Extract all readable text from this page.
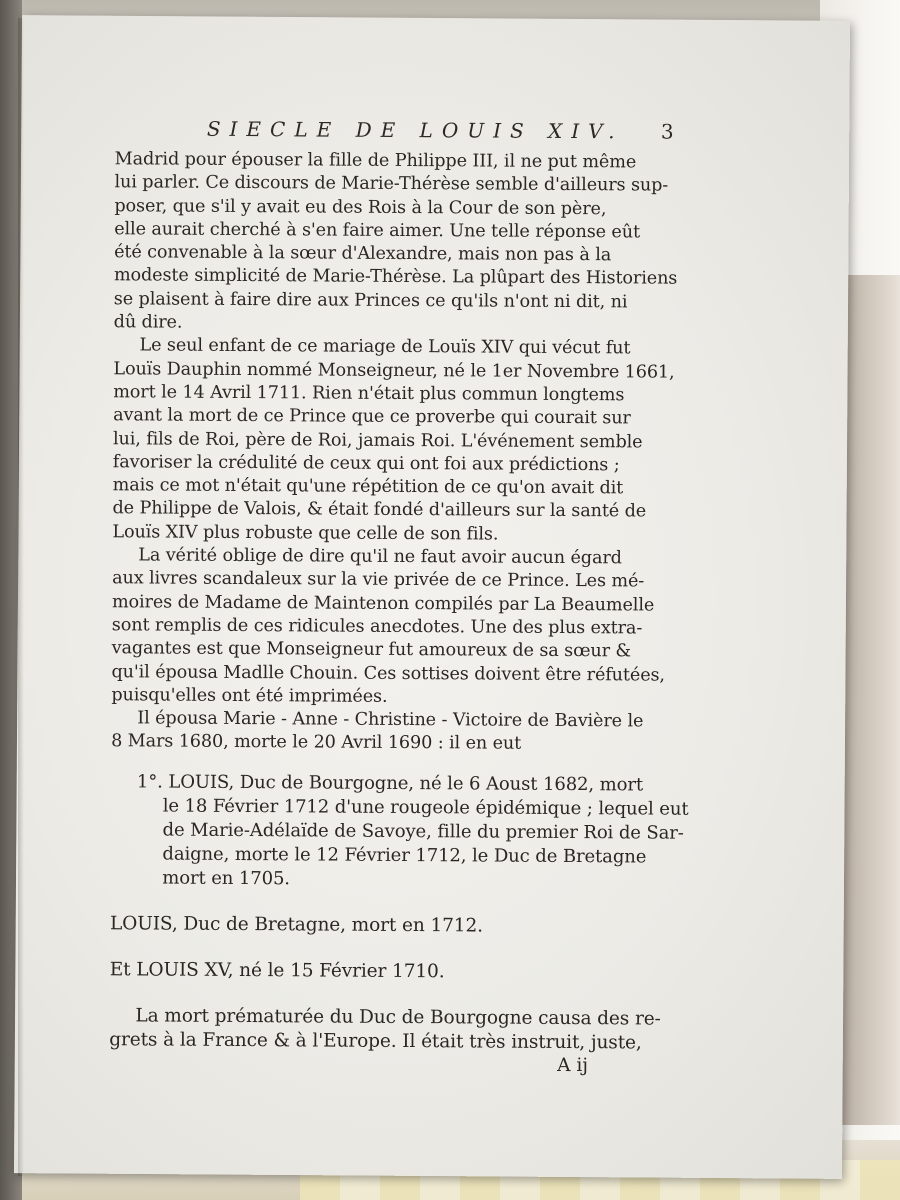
SIECLE DE LOUIS XIV. 3

Madrid pour épouser la fille de Philippe III, il ne put même
lui parler. Ce discours de Marie-Thérèse semble d'ailleurs sup-
poser, que s'il y avait eu des Rois à la Cour de son père,
elle aurait cherché à s'en faire aimer. Une telle réponse eût
été convenable à la sœur d'Alexandre, mais non pas à la
modeste simplicité de Marie-Thérèse. La plûpart des Historiens
se plaisent à faire dire aux Princes ce qu'ils n'ont ni dit, ni
dû dire.

Le seul enfant de ce mariage de Louïs XIV qui vécut fut
Louïs Dauphin nommé Monseigneur, né le 1er Novembre 1661,
mort le 14 Avril 1711. Rien n'était plus commun longtems
avant la mort de ce Prince que ce proverbe qui courait sur
lui, fils de Roi, père de Roi, jamais Roi. L'événement semble
favoriser la crédulité de ceux qui ont foi aux prédictions ;
mais ce mot n'était qu'une répétition de ce qu'on avait dit
de Philippe de Valois, & était fondé d'ailleurs sur la santé de
Louïs XIV plus robuste que celle de son fils.

La vérité oblige de dire qu'il ne faut avoir aucun égard
aux livres scandaleux sur la vie privée de ce Prince. Les mé-
moires de Madame de Maintenon compilés par La Beaumelle
sont remplis de ces ridicules anecdotes. Une des plus extra-
vagantes est que Monseigneur fut amoureux de sa sœur &
qu'il épousa Madlle Chouin. Ces sottises doivent être réfutées,
puisqu'elles ont été imprimées.

Il épousa Marie - Anne - Christine - Victoire de Bavière le
8 Mars 1680, morte le 20 Avril 1690 : il en eut

1°. LOUIS, Duc de Bourgogne, né le 6 Aoust 1682, mort
le 18 Février 1712 d'une rougeole épidémique ; lequel eut
de Marie-Adélaïde de Savoye, fille du premier Roi de Sar-
daigne, morte le 12 Février 1712, le Duc de Bretagne
mort en 1705.

LOUIS, Duc de Bretagne, mort en 1712.

Et LOUIS XV, né le 15 Février 1710.

La mort prématurée du Duc de Bourgogne causa des re-
grets à la France & à l'Europe. Il était très instruit, juste,

A ij
